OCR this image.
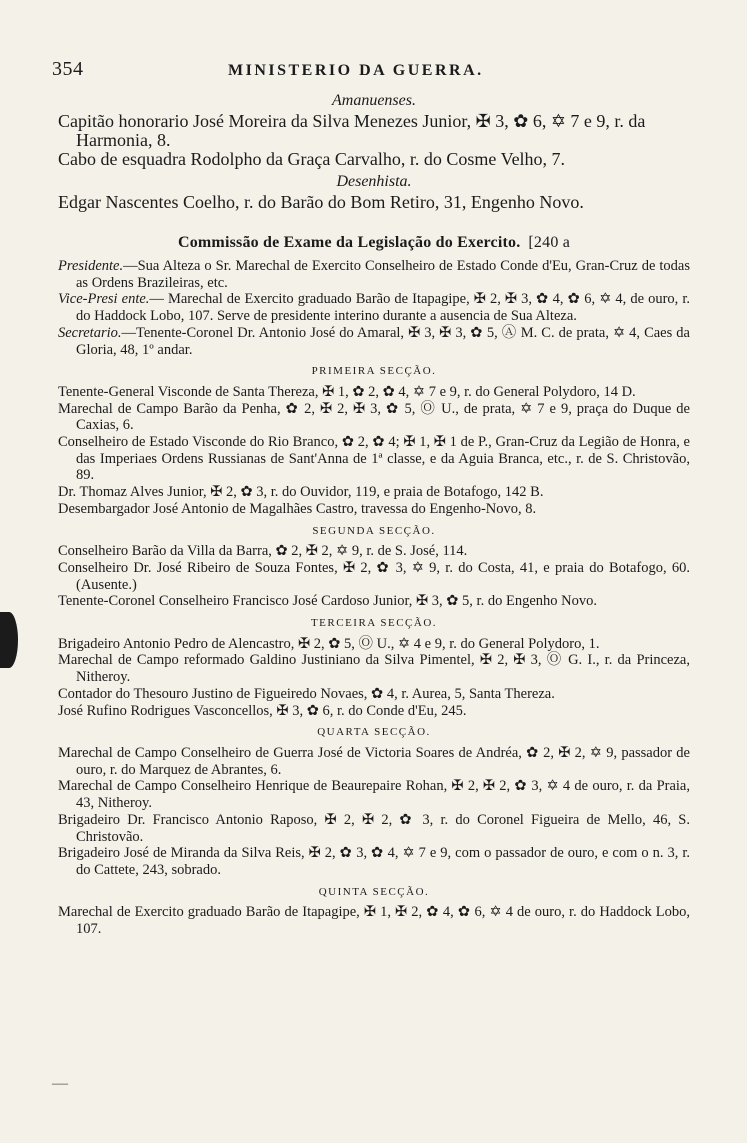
354	MINISTERIO DA GUERRA.
Amanuenses.
Capitão honorario José Moreira da Silva Menezes Junior, ✠ 3, ✿ 6, ✡ 7 e 9, r. da Harmonia, 8.
Cabo de esquadra Rodolpho da Graça Carvalho, r. do Cosme Velho, 7.
Desenhista.
Edgar Nascentes Coelho, r. do Barão do Bom Retiro, 31, Engenho Novo.
Commissão de Exame da Legislação do Exercito. [240 a
Presidente.—Sua Alteza o Sr. Marechal de Exercito Conselheiro de Estado Conde d'Eu, Gran-Cruz de todas as Ordens Brazileiras, etc.
Vice-Presi ente.— Marechal de Exercito graduado Barão de Itapagipe, ✠ 2, ✠ 3, ✿ 4, ✿ 6, ✡ 4, de ouro, r. do Haddock Lobo, 107. Serve de presidente interino durante a ausencia de Sua Alteza.
Secretario.—Tenente-Coronel Dr. Antonio José do Amaral, ✠ 3, ✠ 3, ✿ 5, Ⓐ M. C. de prata, ✡ 4, Caes da Gloria, 48, 1º andar.
PRIMEIRA SECÇÃO.
Tenente-General Visconde de Santa Thereza, ✠ 1, ✿ 2, ✿ 4, ✡ 7 e 9, r. do General Polydoro, 14 D.
Marechal de Campo Barão da Penha, ✿ 2, ✠ 2, ✠ 3, ✿ 5, Ⓞ U., de prata, ✡ 7 e 9, praça do Duque de Caxias, 6.
Conselheiro de Estado Visconde do Rio Branco, ✿ 2, ✿ 4; ✠ 1, ✠ 1 de P., Gran-Cruz da Legião de Honra, e das Imperiaes Ordens Russianas de Sant'Anna de 1ª classe, e da Aguia Branca, etc., r. de S. Christovão, 89.
Dr. Thomaz Alves Junior, ✠ 2, ✿ 3, r. do Ouvidor, 119, e praia de Botafogo, 142 B.
Desembargador José Antonio de Magalhães Castro, travessa do Engenho-Novo, 8.
SEGUNDA SECÇÃO.
Conselheiro Barão da Villa da Barra, ✿ 2, ✠ 2, ✡ 9, r. de S. José, 114.
Conselheiro Dr. José Ribeiro de Souza Fontes, ✠ 2, ✿ 3, ✡ 9, r. do Costa, 41, e praia do Botafogo, 60. (Ausente.)
Tenente-Coronel Conselheiro Francisco José Cardoso Junior, ✠ 3, ✿ 5, r. do Engenho Novo.
TERCEIRA SECÇÃO.
Brigadeiro Antonio Pedro de Alencastro, ✠ 2, ✿ 5, Ⓞ U., ✡ 4 e 9, r. do General Polydoro, 1.
Marechal de Campo reformado Galdino Justiniano da Silva Pimentel, ✠ 2, ✠ 3, Ⓞ G. I., r. da Princeza, Nitheroy.
Contador do Thesouro Justino de Figueiredo Novaes, ✿ 4, r. Aurea, 5, Santa Thereza.
José Rufino Rodrigues Vasconcellos, ✠ 3, ✿ 6, r. do Conde d'Eu, 245.
QUARTA SECÇÃO.
Marechal de Campo Conselheiro de Guerra José de Victoria Soares de Andréa, ✿ 2, ✠ 2, ✡ 9, passador de ouro, r. do Marquez de Abrantes, 6.
Marechal de Campo Conselheiro Henrique de Beaurepaire Rohan, ✠ 2, ✠ 2, ✿ 3, ✡ 4 de ouro, r. da Praia, 43, Nitheroy.
Brigadeiro Dr. Francisco Antonio Raposo, ✠ 2, ✠ 2, ✿ 3, r. do Coronel Figueira de Mello, 46, S. Christovão.
Brigadeiro José de Miranda da Silva Reis, ✠ 2, ✿ 3, ✿ 4, ✡ 7 e 9, com o passador de ouro, e com o n. 3, r. do Cattete, 243, sobrado.
QUINTA SECÇÃO.
Marechal de Exercito graduado Barão de Itapagipe, ✠ 1, ✠ 2, ✿ 4, ✿ 6, ✡ 4 de ouro, r. do Haddock Lobo, 107.
—
